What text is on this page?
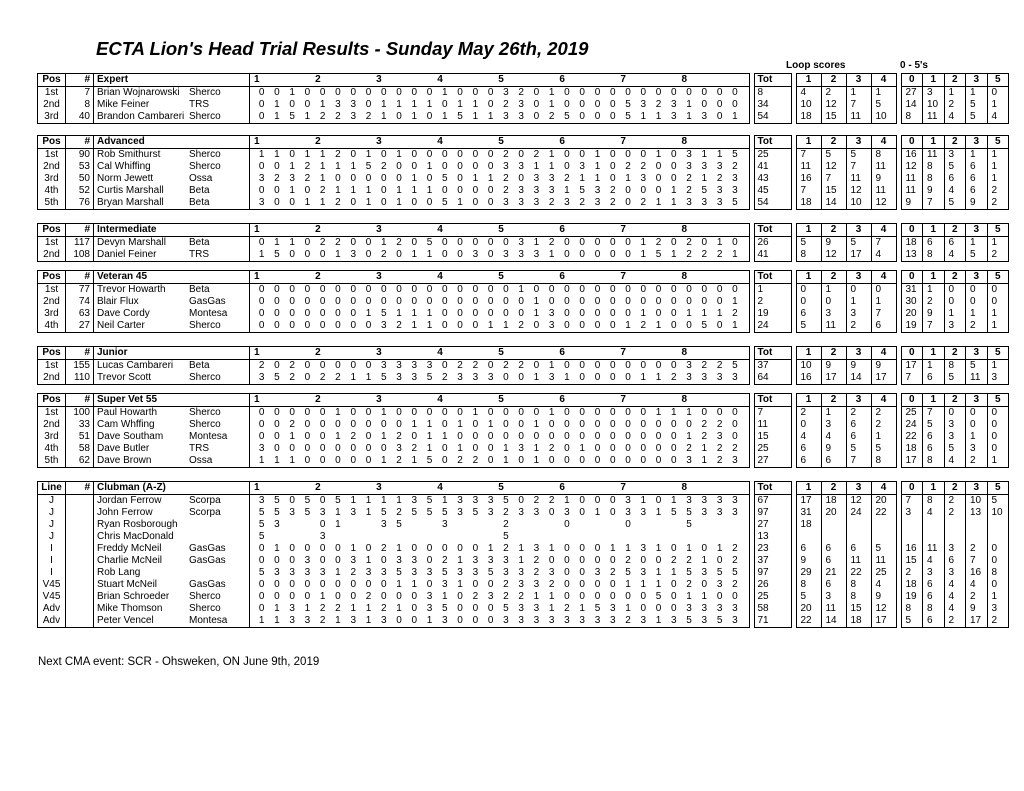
ECTA Lion's Head Trial Results - Sunday May 26th, 2019
Loop scores	0 - 5's
Pos	#	Expert			1				2				3				4				5				6				7				8						Tot		1	2	3	4		0	1	2	3	5
1st	7	Brian Wojnarowski	Sherco		0	0	1	0	0	0	0	0	0	0	0	0	1	0	0	0	3	2	0	1	0	0	0	0	0	0	0	0	0	0	0	0			8		4	2	1	1		27	3	1	1	0
2nd	8	Mike Feiner	TRS		0	1	0	0	1	3	3	0	1	1	1	1	0	1	1	0	2	3	0	1	0	0	0	0	5	3	2	3	1	0	0	0			34		10	12	7	5		14	10	2	5	1
3rd	40	Brandon Cambareri	Sherco		0	1	5	1	2	2	3	2	1	0	1	0	1	5	1	1	3	3	0	2	5	0	0	0	5	1	1	3	1	3	0	1			54		18	15	11	10		8	11	4	5	4
Pos	#	Advanced			1				2				3				4				5				6				7				8						Tot		1	2	3	4		0	1	2	3	5
1st	90	Rob Smithurst	Sherco		1	1	0	1	1	2	0	1	0	1	0	0	0	0	0	0	2	0	2	1	0	0	1	0	0	0	1	0	3	1	1	5			25		7	5	5	8		16	11	3	1	1
2nd	53	Cal Whiffing	Sherco		0	0	1	2	1	1	1	5	2	0	0	1	0	0	0	0	3	3	1	1	0	3	1	0	2	2	0	0	3	3	3	2			41		11	12	7	11		12	8	5	6	1
3rd	50	Norm Jewett	Ossa		3	2	3	2	1	0	0	0	0	0	1	0	5	0	1	1	2	0	3	3	2	1	1	0	1	3	0	0	2	1	2	3			43		16	7	11	9		11	8	6	6	1
4th	52	Curtis Marshall	Beta		0	0	1	0	2	1	1	1	0	1	1	1	0	0	0	0	2	3	3	3	1	5	3	2	0	0	0	1	2	5	3	3			45		7	15	12	11		11	9	4	6	2
5th	76	Bryan Marshall	Beta		3	0	0	1	1	2	0	1	0	1	0	0	5	1	0	0	3	3	3	2	3	2	3	2	0	2	1	1	3	3	3	5			54		18	14	10	12		9	7	5	9	2
Pos	#	Intermediate			1				2				3				4				5				6				7				8						Tot		1	2	3	4		0	1	2	3	5
1st	117	Devyn Marshall	Beta		0	1	1	0	2	2	0	0	1	2	0	5	0	0	0	0	0	3	1	2	0	0	0	0	0	1	2	0	2	0	1	0			26		5	9	5	7		18	6	6	1	1
2nd	108	Daniel Feiner	TRS		1	5	0	0	0	1	3	0	2	0	1	1	0	0	3	0	3	3	3	1	0	0	0	0	0	1	5	1	2	2	2	1			41		8	12	17	4		13	8	4	5	2
Pos	#	Veteran 45			1				2				3				4				5				6				7				8						Tot		1	2	3	4		0	1	2	3	5
1st	77	Trevor Howarth	Beta		0	0	0	0	0	0	0	0	0	0	0	0	0	0	0	0	0	1	0	0	0	0	0	0	0	0	0	0	0	0	0	0			1		0	1	0	0		31	1	0	0	0
2nd	74	Blair Flux	GasGas		0	0	0	0	0	0	0	0	0	0	0	0	0	0	0	0	0	0	1	0	0	0	0	0	0	0	0	0	0	0	0	1			2		0	0	1	1		30	2	0	0	0
3rd	63	Dave Cordy	Montesa		0	0	0	0	0	0	0	1	5	1	1	1	0	0	0	0	0	0	1	3	0	0	0	0	0	1	0	0	1	1	1	2			19		6	3	3	7		20	9	1	1	1
4th	27	Neil Carter	Sherco		0	0	0	0	0	0	0	0	3	2	1	1	0	0	0	1	1	2	0	3	0	0	0	0	1	2	1	0	0	5	0	1			24		5	11	2	6		19	7	3	2	1
Pos	#	Junior			1				2				3				4				5				6				7				8						Tot		1	2	3	4		0	1	2	3	5
1st	155	Lucas Cambareri	Beta		2	0	2	0	0	0	0	0	3	3	3	3	0	2	2	0	2	2	0	1	0	0	0	0	0	0	0	0	3	2	2	5			37		10	9	9	9		17	1	8	5	1
2nd	110	Trevor Scott	Sherco		3	5	2	0	2	2	1	1	5	3	3	5	2	3	3	3	0	0	1	3	1	0	0	0	0	1	1	2	3	3	3	3			64		16	17	14	17		7	6	5	11	3
Pos	#	Super Vet 55			1				2				3				4				5				6				7				8						Tot		1	2	3	4		0	1	2	3	5
1st	100	Paul Howarth	Sherco		0	0	0	0	0	1	0	0	1	0	0	0	0	0	1	0	0	0	0	1	0	0	0	0	0	0	1	1	1	0	0	0			7		2	1	2	2		25	7	0	0	0
2nd	33	Cam Whffing	Sherco		0	0	2	0	0	0	0	0	0	0	1	1	0	1	0	1	0	0	1	0	0	0	0	0	0	0	0	0	0	2	2	0			11		0	3	6	2		24	5	3	0	0
3rd	51	Dave Southam	Montesa		0	0	1	0	0	1	2	0	1	2	0	1	1	0	0	0	0	0	0	0	0	0	0	0	0	0	0	0	1	2	3	0			15		4	4	6	1		22	6	3	1	0
4th	58	Dave Butler	TRS		3	0	0	0	0	0	0	0	0	3	2	1	0	1	0	0	1	3	1	2	0	1	0	0	0	0	0	0	2	1	2	2			25		6	9	5	5		18	6	5	3	0
5th	62	Dave Brown	Ossa		1	1	1	0	0	0	0	0	1	2	1	5	0	2	2	0	1	0	1	0	0	0	0	0	0	0	0	0	3	1	2	3			27		6	6	7	8		17	8	4	2	1
Line	#	Clubman (A-Z)			1				2				3				4				5				6				7				8						Tot		1	2	3	4		0	1	2	3	5
J		Jordan Ferrow	Scorpa		3	5	0	5	0	5	1	1	1	1	3	5	1	3	3	3	5	0	2	2	1	0	0	0	3	1	0	1	3	3	3	3			67		17	18	12	20		7	8	2	10	5
J		John Ferrow	Scorpa		5	5	3	5	3	1	3	1	5	2	5	5	5	3	5	3	2	3	3	0	3	0	1	0	3	3	1	5	5	3	3	3			97		31	20	24	22		3	4	2	13	10
J		Ryan Rosborough			5	3			0	1			3	5			3				2				0				0				5						27		18									
J		Chris MacDonald			5				3												5																		13											
I		Freddy McNeil	GasGas		0	1	0	0	0	0	1	0	2	1	0	0	0	0	0	1	2	1	3	1	0	0	0	1	1	3	1	0	1	0	1	2			23		6	6	6	5		16	11	3	2	0
I		Charlie McNeil	GasGas		0	0	0	3	0	0	3	1	0	3	3	0	2	1	3	3	3	1	2	0	0	0	0	0	2	0	0	2	2	1	0	2			37		9	6	11	11		15	4	6	7	0
I		Rob Lang			5	3	3	3	3	1	2	3	3	5	3	3	5	3	3	5	3	3	2	3	0	0	3	2	5	3	1	1	5	3	5	5			97		29	21	22	25		2	3	3	16	8
V45		Stuart McNeil	GasGas		0	0	0	0	0	0	0	0	0	1	1	0	3	1	0	0	2	3	3	2	0	0	0	0	1	1	1	0	2	0	3	2			26		8	6	8	4		18	6	4	4	0
V45		Brian Schroeder	Sherco		0	0	0	0	1	0	0	2	0	0	0	3	1	0	2	3	2	2	1	1	0	0	0	0	0	0	5	0	1	1	0	0			25		5	3	8	9		19	6	4	2	1
Adv		Mike Thomson	Sherco		0	1	3	1	2	2	1	1	2	1	0	3	5	0	0	0	5	3	3	1	2	1	5	3	1	0	0	0	3	3	3	3			58		20	11	15	12		8	8	4	9	3
Adv		Peter Vencel	Montesa		1	1	3	3	2	1	3	1	3	0	0	1	3	0	0	0	3	3	3	3	3	3	3	3	2	3	1	3	5	3	5	3			71		22	14	18	17		5	6	2	17	2
Next CMA event: SCR - Ohsweken, ON June 9th, 2019
